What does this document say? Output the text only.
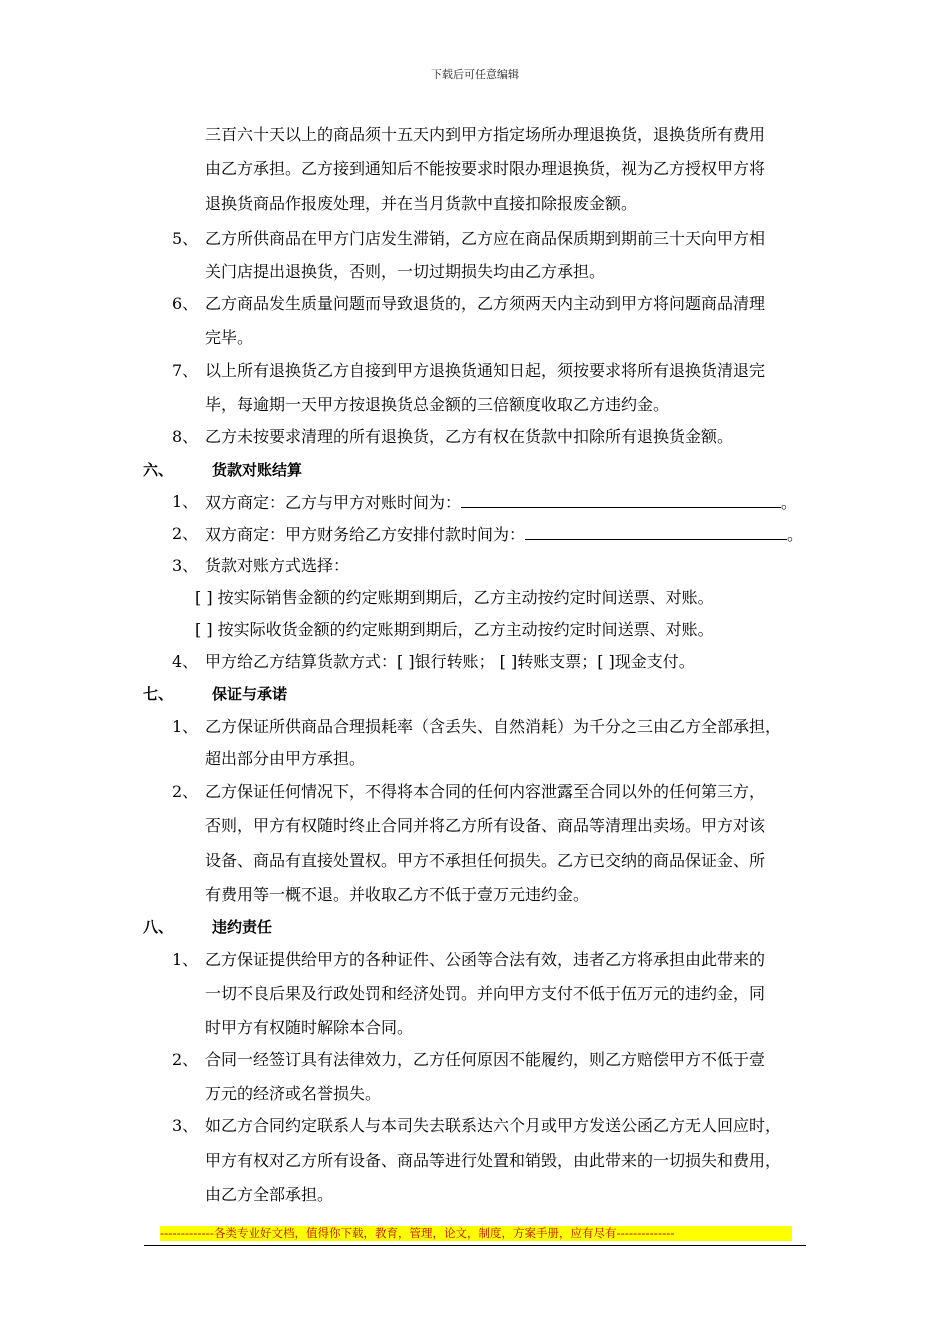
下载后可任意编辑
三百六十天以上的商品须十五天内到甲方指定场所办理退换货，退换货所有费用
由乙方承担。乙方接到通知后不能按要求时限办理退换货，视为乙方授权甲方将
退换货商品作报废处理，并在当月货款中直接扣除报废金额。
5、 乙方所供商品在甲方门店发生滞销，乙方应在商品保质期到期前三十天向甲方相
关门店提出退换货，否则，一切过期损失均由乙方承担。
6、 乙方商品发生质量问题而导致退货的，乙方须两天内主动到甲方将问题商品清理
完毕。
7、 以上所有退换货乙方自接到甲方退换货通知日起，须按要求将所有退换货清退完
毕，每逾期一天甲方按退换货总金额的三倍额度收取乙方违约金。
8、 乙方未按要求清理的所有退换货，乙方有权在货款中扣除所有退换货金额。
六、	货款对账结算
1、 双方商定：乙方与甲方对账时间为：	。
2、 双方商定：甲方财务给乙方安排付款时间为：	。
3、 货款对账方式选择：
[ ] 按实际销售金额的约定账期到期后，乙方主动按约定时间送票、对账。
[ ] 按实际收货金额的约定账期到期后，乙方主动按约定时间送票、对账。
4、 甲方给乙方结算货款方式：[ ]银行转账； [ ]转账支票；[ ]现金支付。
七、	保证与承诺
1、 乙方保证所供商品合理损耗率（含丢失、自然消耗）为千分之三由乙方全部承担，
超出部分由甲方承担。
2、 乙方保证任何情况下，不得将本合同的任何内容泄露至合同以外的任何第三方，
否则，甲方有权随时终止合同并将乙方所有设备、商品等清理出卖场。甲方对该
设备、商品有直接处置权。甲方不承担任何损失。乙方已交纳的商品保证金、所
有费用等一概不退。并收取乙方不低于壹万元违约金。
八、	违约责任
1、 乙方保证提供给甲方的各种证件、公函等合法有效，违者乙方将承担由此带来的
一切不良后果及行政处罚和经济处罚。并向甲方支付不低于伍万元的违约金，同
时甲方有权随时解除本合同。
2、 合同一经签订具有法律效力，乙方任何原因不能履约，则乙方赔偿甲方不低于壹
万元的经济或名誉损失。
3、 如乙方合同约定联系人与本司失去联系达六个月或甲方发送公函乙方无人回应时，
甲方有权对乙方所有设备、商品等进行处置和销毁，由此带来的一切损失和费用，
由乙方全部承担。
-------------各类专业好文档，值得你下载，教育，管理，论文，制度，方案手册，应有尽有--------------
